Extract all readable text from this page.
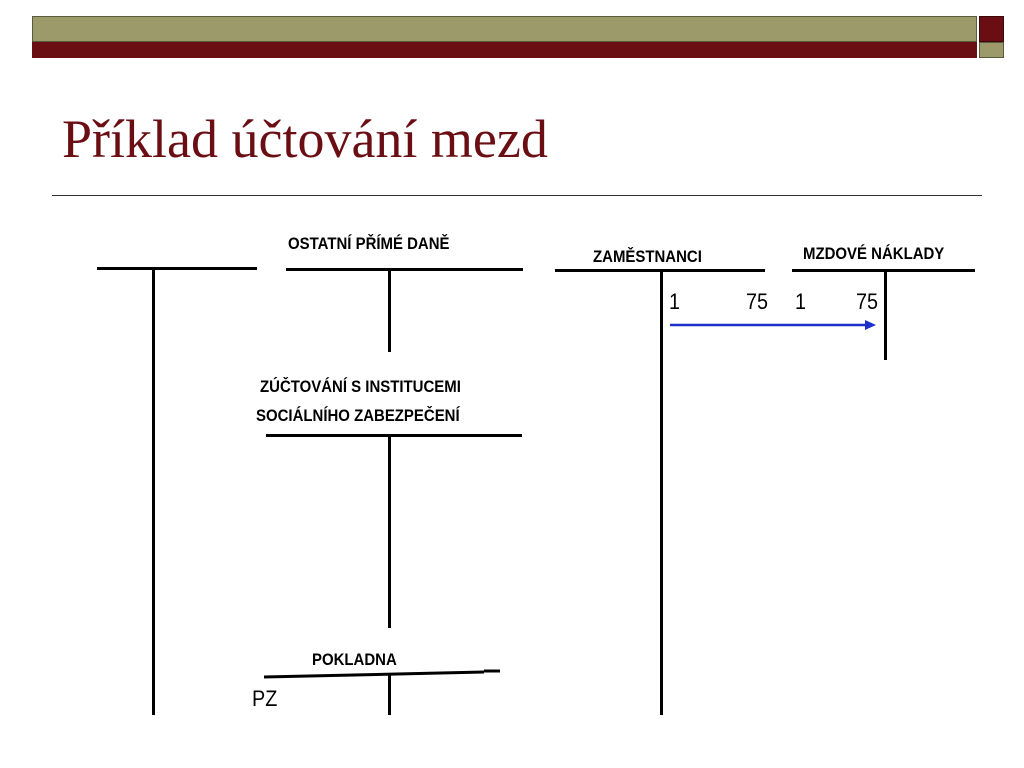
Příklad účtování mezd
OSTATNÍ PŘÍMÉ DANĚ
ZAMĚSTNANCI
1	75
MZDOVÉ NÁKLADY
1 75
ZÚČTOVÁNÍ S INSTITUCEMI
SOCIÁLNÍHO ZABEZPEČENÍ
POKLADNA
PZ
